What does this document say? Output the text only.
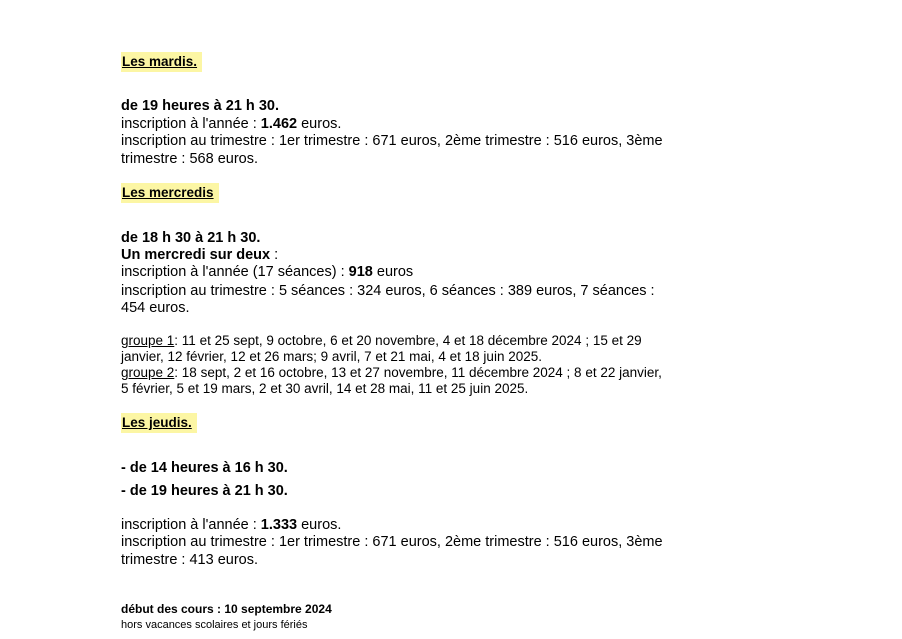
Les mardis.
de 19 heures à 21 h 30.
inscription à l'année : 1.462 euros.
inscription au trimestre : 1er trimestre : 671 euros, 2ème trimestre : 516 euros, 3ème
trimestre : 568 euros.
Les mercredis
de 18 h 30 à 21 h 30.
Un mercredi sur deux :
inscription à l'année (17 séances) : 918 euros
inscription au trimestre : 5 séances : 324 euros, 6 séances : 389 euros, 7 séances :
454 euros.
groupe 1: 11 et 25 sept, 9 octobre, 6 et 20 novembre, 4 et 18 décembre 2024 ; 15 et 29
janvier, 12 février, 12 et 26 mars; 9 avril, 7 et 21 mai, 4 et 18 juin 2025.
groupe 2: 18 sept, 2 et 16 octobre, 13 et 27 novembre, 11 décembre 2024 ; 8 et 22 janvier,
5 février, 5 et 19 mars, 2 et 30 avril, 14 et 28 mai, 11 et 25 juin 2025.
Les jeudis.
- de 14 heures à 16 h 30.
- de 19 heures à 21 h 30.
inscription à l'année : 1.333 euros.
inscription au trimestre : 1er trimestre : 671 euros, 2ème trimestre : 516 euros, 3ème
trimestre : 413 euros.
début des cours : 10 septembre 2024
hors vacances scolaires et jours fériés
